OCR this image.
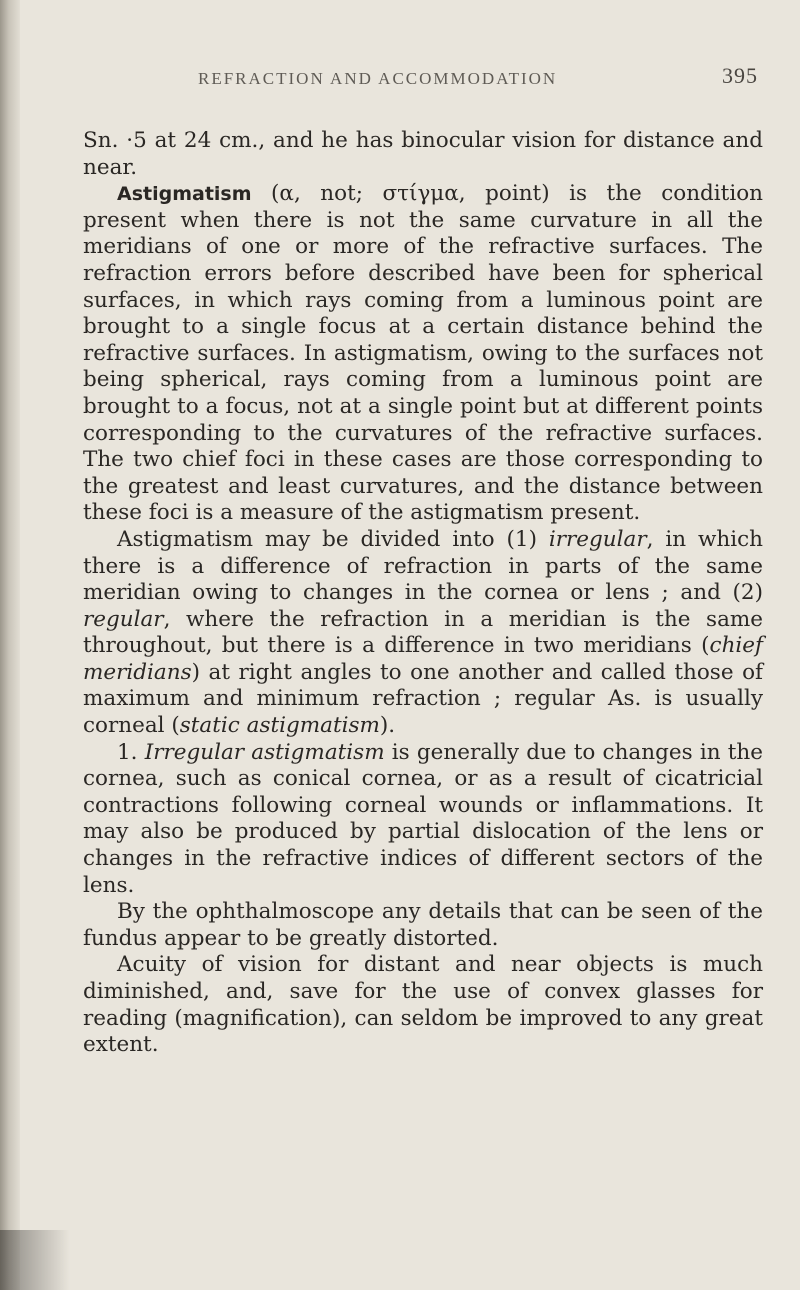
REFRACTION AND ACCOMMODATION	395

Sn. ·5 at 24 cm., and he has binocular vision for distance and near.

Astigmatism (α, not; στίγμα, point) is the condition present when there is not the same curvature in all the meridians of one or more of the refractive surfaces. The refraction errors before described have been for spherical surfaces, in which rays coming from a luminous point are brought to a single focus at a certain distance behind the refractive surfaces. In astigmatism, owing to the surfaces not being spherical, rays coming from a luminous point are brought to a focus, not at a single point but at different points corresponding to the curvatures of the refractive surfaces. The two chief foci in these cases are those corresponding to the greatest and least curvatures, and the distance between these foci is a measure of the astigmatism present.

Astigmatism may be divided into (1) irregular, in which there is a difference of refraction in parts of the same meridian owing to changes in the cornea or lens ; and (2) regular, where the refraction in a meridian is the same throughout, but there is a difference in two meridians (chief meridians) at right angles to one another and called those of maximum and minimum refraction ; regular As. is usually corneal (static astigmatism).

1. Irregular astigmatism is generally due to changes in the cornea, such as conical cornea, or as a result of cicatricial contractions following corneal wounds or inflammations. It may also be produced by partial dislocation of the lens or changes in the refractive indices of different sectors of the lens.

By the ophthalmoscope any details that can be seen of the fundus appear to be greatly distorted.

Acuity of vision for distant and near objects is much diminished, and, save for the use of convex glasses for reading (magnification), can seldom be improved to any great extent.
